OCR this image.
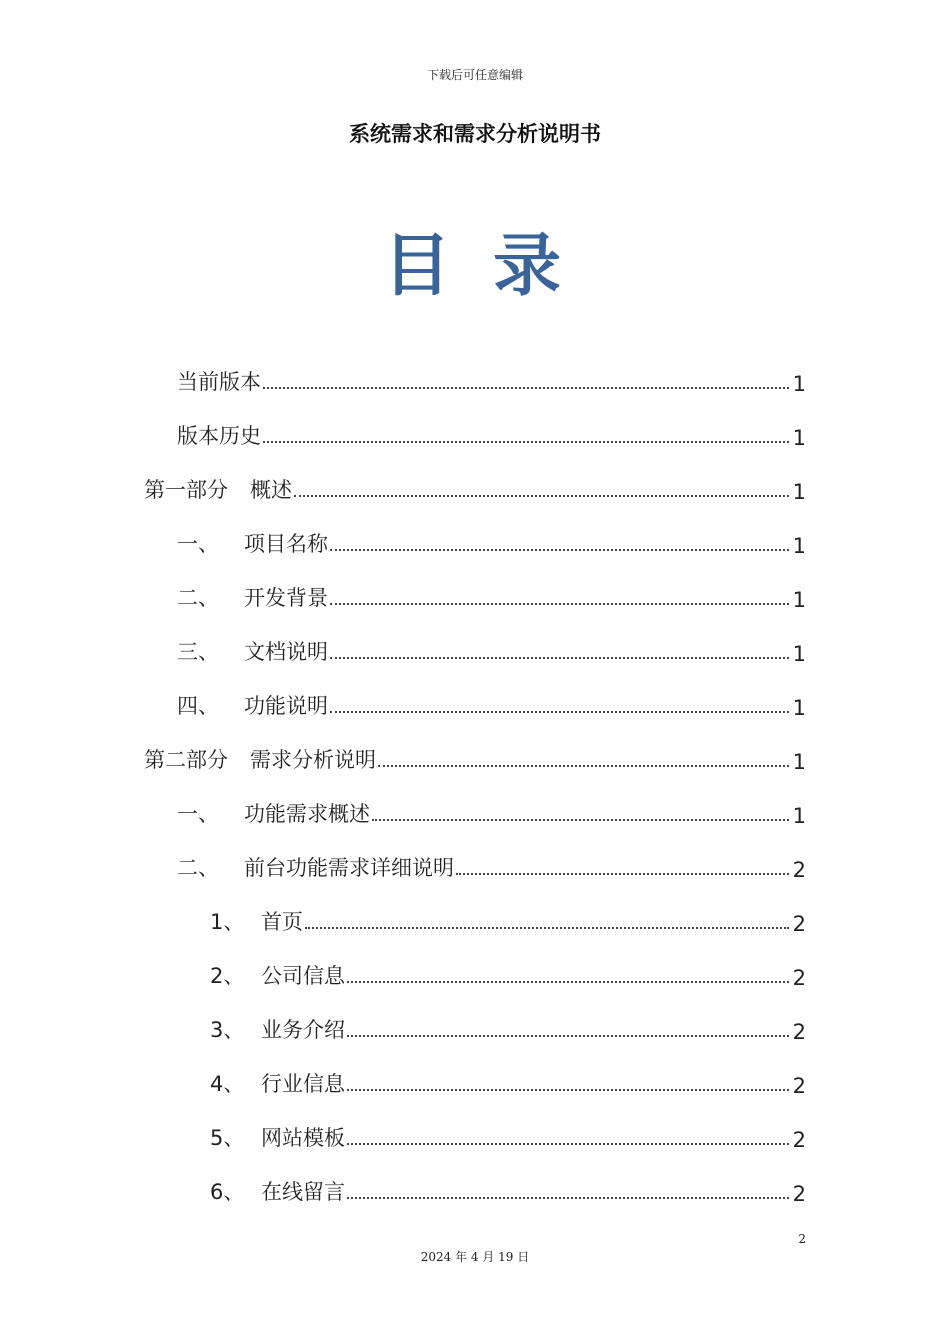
下载后可任意编辑
系统需求和需求分析说明书
目 录
当前版本	1
版本历史	1
第一部分	概述	1
一、	项目名称	1
二、	开发背景	1
三、	文档说明	1
四、	功能说明	1
第二部分	需求分析说明	1
一、	功能需求概述	1
二、	前台功能需求详细说明	2
1、 首页	2
2、 公司信息	2
3、 业务介绍	2
4、 行业信息	2
5、 网站模板	2
6、 在线留言	2
2
2024 年 4 月 19 日
